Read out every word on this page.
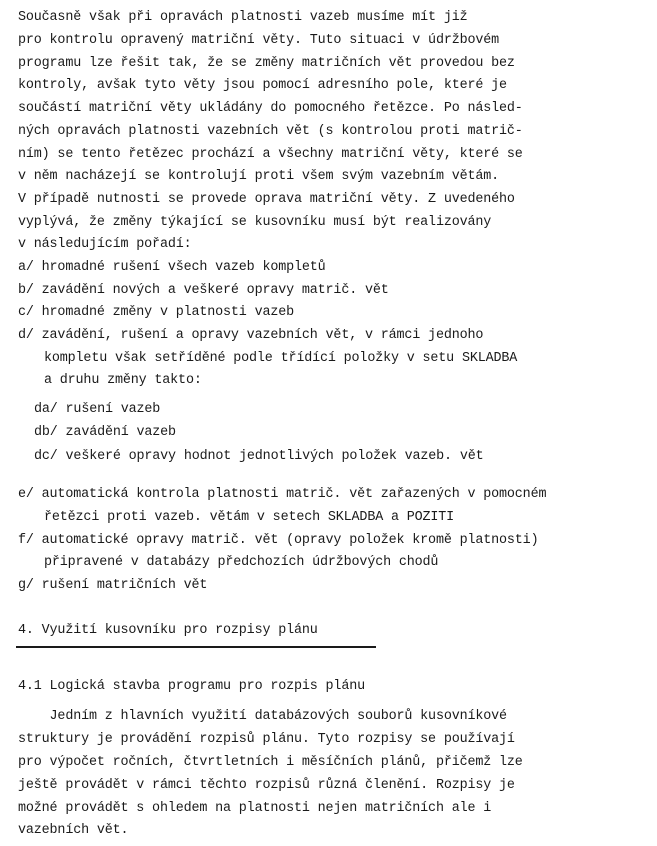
Současně však při opravách platnosti vazeb musíme mít již
pro kontrolu opravený matriční věty. Tuto situaci v údržbovém
programu lze řešit tak, že se změny matričních vět provedou bez
kontroly, avšak tyto věty jsou pomocí adresního pole, které je
součástí matriční věty ukládány do pomocného řetězce. Po násled-
ných opravách platnosti vazebních vět (s kontrolou proti matrič-
ním) se tento řetězec prochází a všechny matriční věty, které se
v něm nacházejí se kontrolují proti všem svým vazebním větám.
V případě nutnosti se provede oprava matriční věty. Z uvedeného
vyplývá, že změny týkající se kusovníku musí být realizovány
v následujícím pořadí:
a/ hromadné rušení všech vazeb kompletů
b/ zavádění nových a veškeré opravy matrič. vět
c/ hromadné změny v platnosti vazeb
d/ zavádění, rušení a opravy vazebních vět, v rámci jednoho
kompletu však setříděné podle třídící položky v setu SKLADBA
a druhu změny takto:
da/ rušení vazeb
db/ zavádění vazeb
dc/ veškeré opravy hodnot jednotlivých položek vazeb. vět
e/ automatická kontrola platnosti matrič. vět zařazených v pomocném
řetězci proti vazeb. větám v setech SKLADBA a POZITI
f/ automatické opravy matrič. vět (opravy položek kromě platnosti)
připravené v databázy předchozích údržbových chodů
g/ rušení matričních vět
4. Využití kusovníku pro rozpisy plánu
4.1 Logická stavba programu pro rozpis plánu
Jedním z hlavních využití databázových souborů kusovníkové
struktury je provádění rozpisů plánu. Tyto rozpisy se používají
pro výpočet ročních, čtvrtletních i měsíčních plánů, přičemž lze
ještě provádět v rámci těchto rozpisů různá členění. Rozpisy je
možné provádět s ohledem na platnosti nejen matričních ale i
vazebních vět.
